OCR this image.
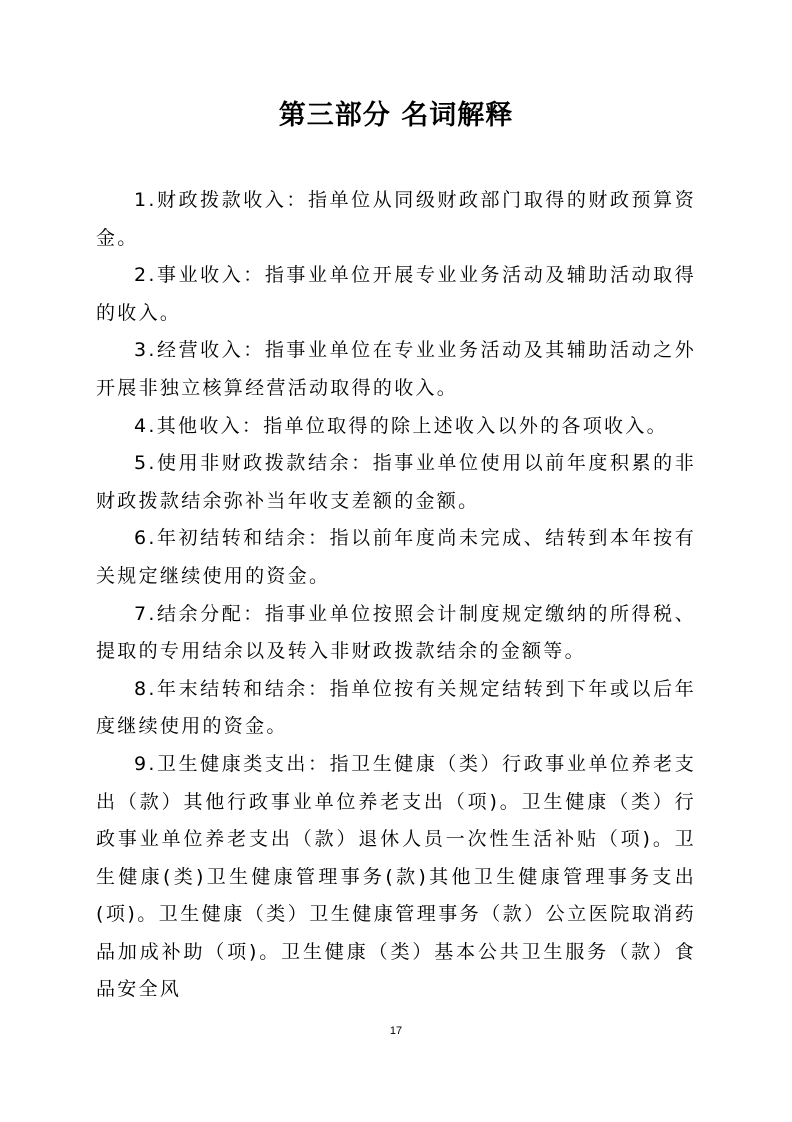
第三部分 名词解释

1.财政拨款收入：指单位从同级财政部门取得的财政预算资金。

2.事业收入：指事业单位开展专业业务活动及辅助活动取得的收入。

3.经营收入：指事业单位在专业业务活动及其辅助活动之外开展非独立核算经营活动取得的收入。

4.其他收入：指单位取得的除上述收入以外的各项收入。

5.使用非财政拨款结余：指事业单位使用以前年度积累的非财政拨款结余弥补当年收支差额的金额。

6.年初结转和结余：指以前年度尚未完成、结转到本年按有关规定继续使用的资金。

7.结余分配：指事业单位按照会计制度规定缴纳的所得税、提取的专用结余以及转入非财政拨款结余的金额等。

8.年末结转和结余：指单位按有关规定结转到下年或以后年度继续使用的资金。

9.卫生健康类支出：指卫生健康（类）行政事业单位养老支出（款）其他行政事业单位养老支出（项)。卫生健康（类）行政事业单位养老支出（款）退休人员一次性生活补贴（项)。卫生健康(类)卫生健康管理事务(款)其他卫生健康管理事务支出(项)。卫生健康（类）卫生健康管理事务（款）公立医院取消药品加成补助（项)。卫生健康（类）基本公共卫生服务（款）食品安全风

17
